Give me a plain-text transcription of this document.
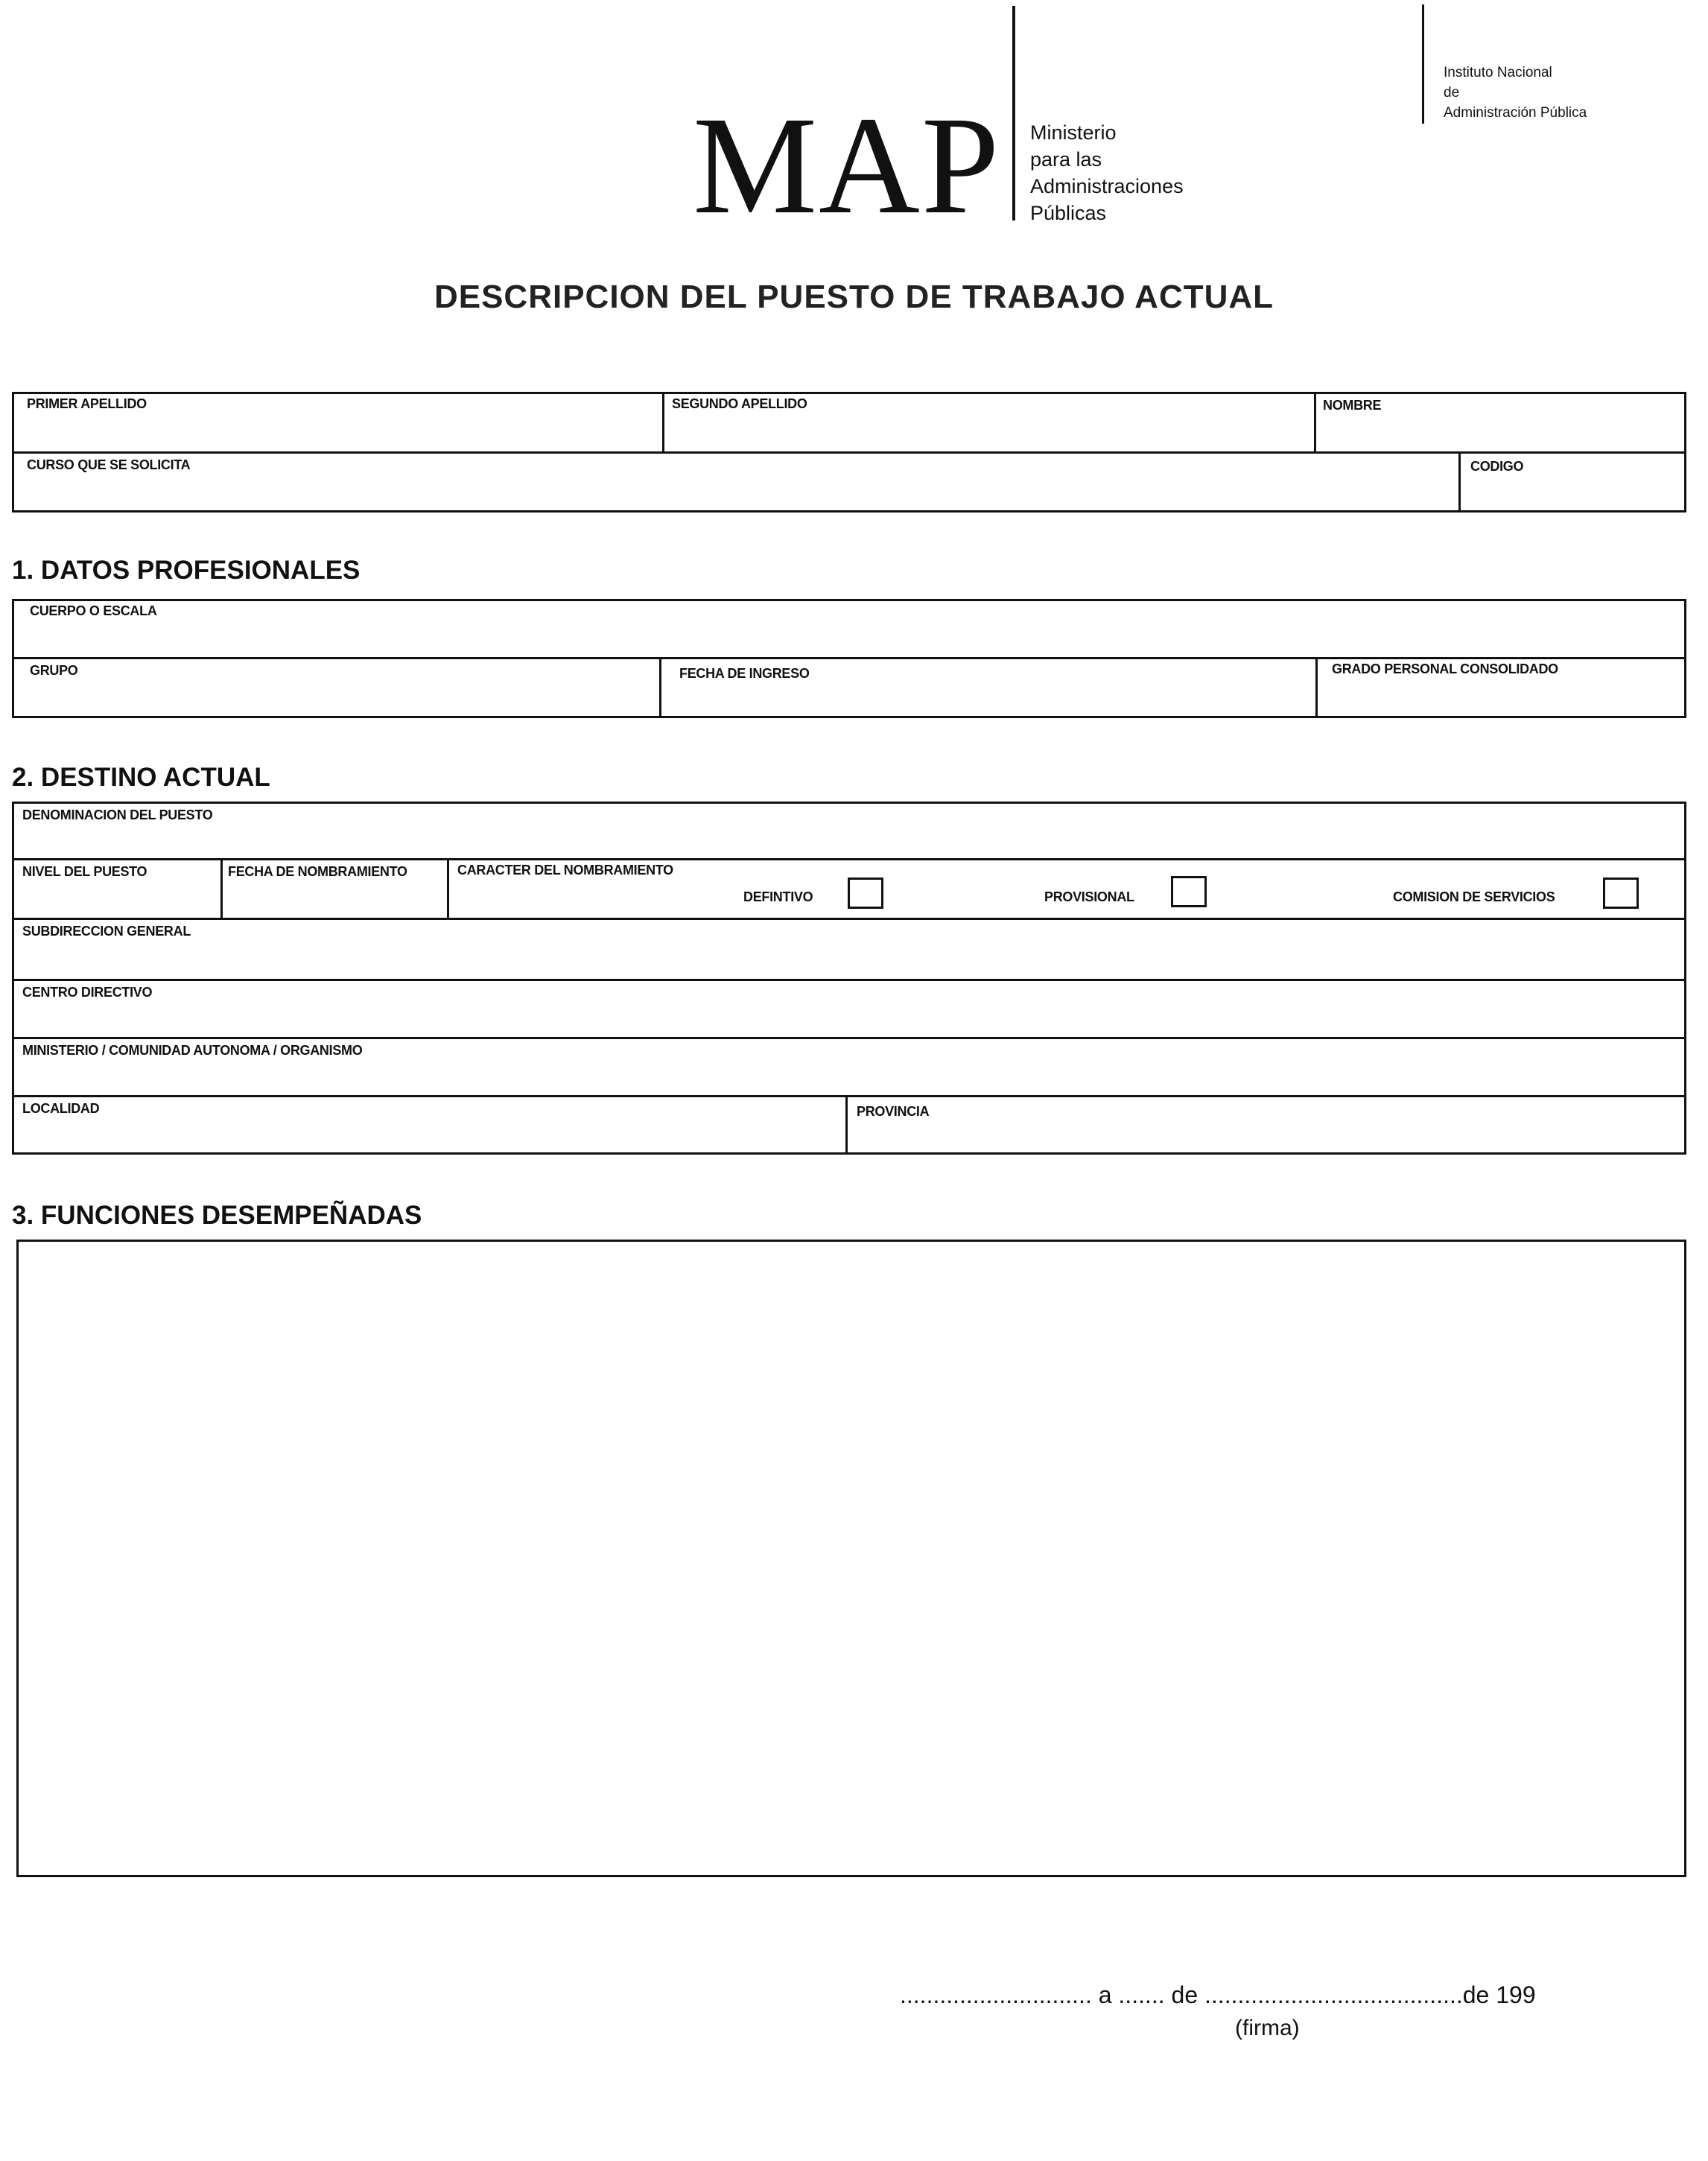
MAP Ministerio
para las
Administraciones
Públicas
Instituto Nacional
de
Administración Pública
DESCRIPCION DEL PUESTO DE TRABAJO ACTUAL
PRIMER APELLIDO	SEGUNDO APELLIDO	NOMBRE
CURSO QUE SE SOLICITA	CODIGO
1. DATOS PROFESIONALES
CUERPO O ESCALA
GRUPO	FECHA DE INGRESO	GRADO PERSONAL CONSOLIDADO
2. DESTINO ACTUAL
DENOMINACION DEL PUESTO
NIVEL DEL PUESTO	FECHA DE NOMBRAMIENTO	CARACTER DEL NOMBRAMIENTO
DEFINTIVO	PROVISIONAL	COMISION DE SERVICIOS
SUBDIRECCION GENERAL
CENTRO DIRECTIVO
MINISTERIO / COMUNIDAD AUTONOMA / ORGANISMO
LOCALIDAD	PROVINCIA
3. FUNCIONES DESEMPEÑADAS
............................. a ....... de .......................................de 199
(firma)
